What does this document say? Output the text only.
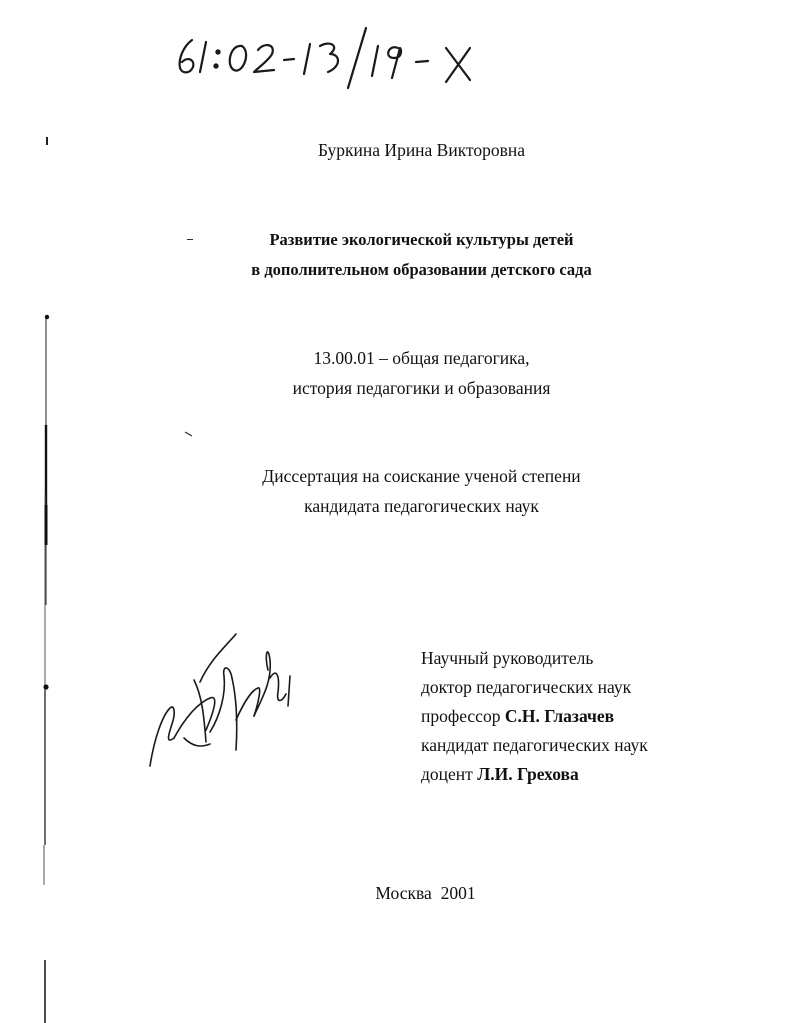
Буркина Ирина Викторовна
Развитие экологической культуры детей
в дополнительном образовании детского сада
13.00.01 – общая педагогика,
история педагогики и образования
Диссертация на соискание ученой степени
кандидата педагогических наук
Научный руководитель
доктор педагогических наук
профессор С.Н. Глазачев
кандидат педагогических наук
доцент Л.И. Грехова
Москва 2001
